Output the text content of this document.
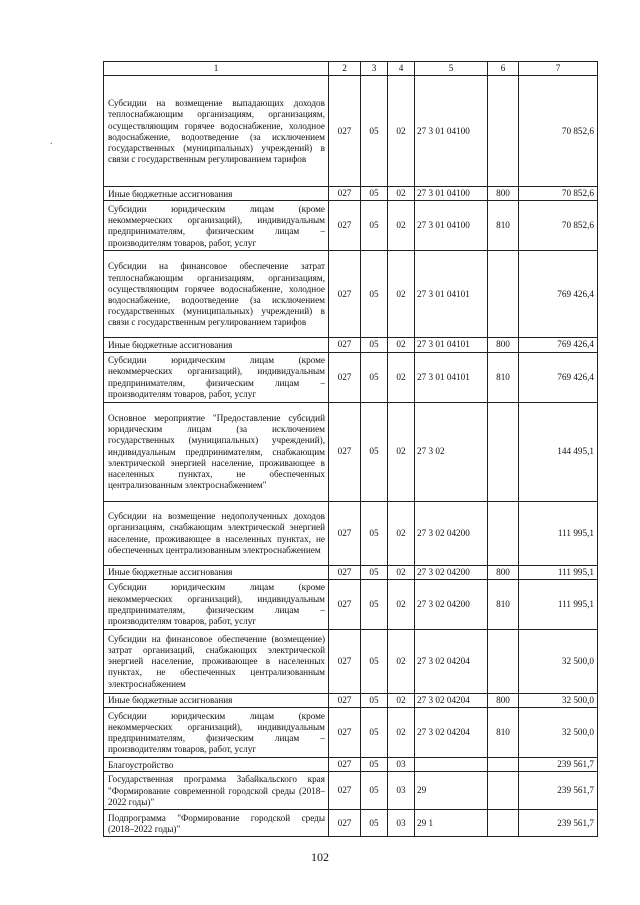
.
1	2	3	4	5	6	7
Субсидии на возмещение выпадающих доходов теплоснабжающим организациям, организациям, осуществляющим горячее водоснабжение, холодное водоснабжение, водоотведение (за исключением государственных (муниципальных) учреждений) в связи с государственным регулированием тарифов	027	05	02	27 3 01 04100		70 852,6
Иные бюджетные ассигнования	027	05	02	27 3 01 04100	800	70 852,6
Субсидии юридическим лицам (кроме некоммерческих организаций), индивидуальным предпринимателям, физическим лицам – производителям товаров, работ, услуг	027	05	02	27 3 01 04100	810	70 852,6
Субсидии на финансовое обеспечение затрат теплоснабжающим организациям, организациям, осуществляющим горячее водоснабжение, холодное водоснабжение, водоотведение (за исключением государственных (муниципальных) учреждений) в связи с государственным регулированием тарифов	027	05	02	27 3 01 04101		769 426,4
Иные бюджетные ассигнования	027	05	02	27 3 01 04101	800	769 426,4
Субсидии юридическим лицам (кроме некоммерческих организаций), индивидуальным предпринимателям, физическим лицам – производителям товаров, работ, услуг	027	05	02	27 3 01 04101	810	769 426,4
Основное мероприятие "Предоставление субсидий юридическим лицам (за исключением государственных (муниципальных) учреждений), индивидуальным предпринимателям, снабжающим электрической энергией население, проживающее в населенных пунктах, не обеспеченных централизованным электроснабжением"	027	05	02	27 3 02		144 495,1
Субсидии на возмещение недополученных доходов организациям, снабжающим электрической энергией население, проживающее в населенных пунктах, не обеспеченных централизованным электроснабжением	027	05	02	27 3 02 04200		111 995,1
Иные бюджетные ассигнования	027	05	02	27 3 02 04200	800	111 995,1
Субсидии юридическим лицам (кроме некоммерческих организаций), индивидуальным предпринимателям, физическим лицам – производителям товаров, работ, услуг	027	05	02	27 3 02 04200	810	111 995,1
Субсидии на финансовое обеспечение (возмещение) затрат организаций, снабжающих электрической энергией население, проживающее в населенных пунктах, не обеспеченных централизованным электроснабжением	027	05	02	27 3 02 04204		32 500,0
Иные бюджетные ассигнования	027	05	02	27 3 02 04204	800	32 500,0
Субсидии юридическим лицам (кроме некоммерческих организаций), индивидуальным предпринимателям, физическим лицам – производителям товаров, работ, услуг	027	05	02	27 3 02 04204	810	32 500,0
Благоустройство	027	05	03			239 561,7
Государственная программа Забайкальского края "Формирование современной городской среды (2018–2022 годы)"	027	05	03	29		239 561,7
Подпрограмма "Формирование городской среды (2018–2022 годы)"	027	05	03	29 1		239 561,7
102
